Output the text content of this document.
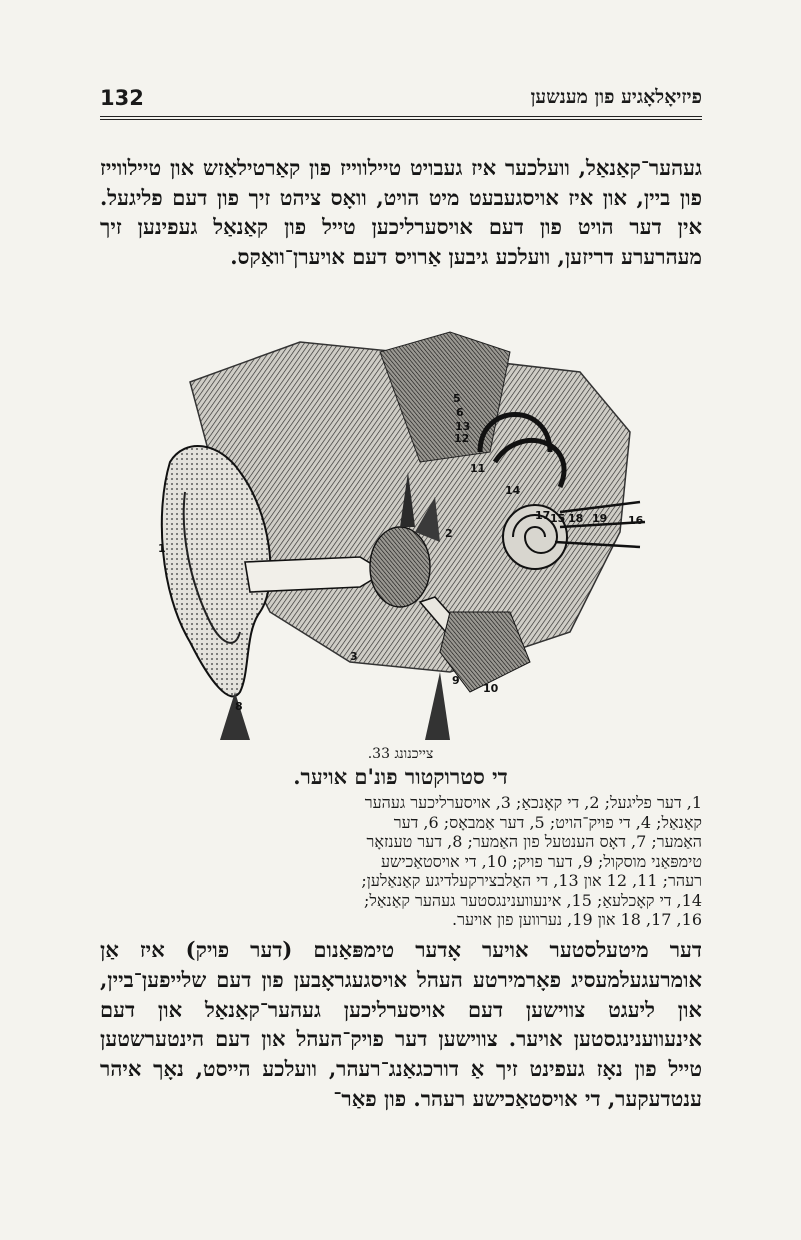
132	פיזיאָלאָגיע פון מענשען
געהער־קאַנאַל, וועלכער איז געבויט טיילווייז פון קאַרטילאַזש און טיילווייז פון ביין, און איז אויסגעבעט מיט הויט, וואָס ציהט זיך פון דעם פליגעל. אין דער הויט פון דעם אויסערליכען טייל פון קאַנאַל געפינען זיך מעהרערע דריזען, וועלכע גיבען אַרויס דעם אויערן־וואַקס.
1
2
3
5
6
8
9
10
11
12
13
14
15	16
17 18 19
צייכנונג 33.
די סטרוקטור פונ'ם אויער.
1, דער פליגעל; 2, די קאָנכאַ; 3, אויסערליכער געהער
קאַנאַל; 4, די פויק־הויט; 5, דער אַמבאָס; 6, דער
האַמער; 7, דאָס הענטעל פון האַמער; 8, דער טענזאָר
טימפּאַני מוסקול; 9, דער פויק; 10, די אויסטאַכישע
רעהר; 11, 12 און 13, די האַלבצירקעלדיגע קאַנאַלען;
14, די קאָכלעאַ; 15, אינעווענינגסטער געהער קאַנאַל;
16, 17, 18 און 19, נערווען פון אויער.
דער מיטעלסטער אויער אָדער טימפּאַנום (דער פויק) איז אַן אומרעגעלמעסיג פאָרמירטע העהל אויסגעגראָבען פון דעם שלייפען־ביין, און ליעגט צווישען דעם אויסערליכען געהער־קאַנאַל און דעם אינעווענינגסטען אויער. צווישען דער פויק־העהל און דעם הינטערשטען טייל פון נאָז געפינט זיך אַ דורכגאַנג־רעהר, וועלכע הייסט, נאָך איהר ענטדעקער, די אויסטאַכישע רעהר. פון פאַר־
